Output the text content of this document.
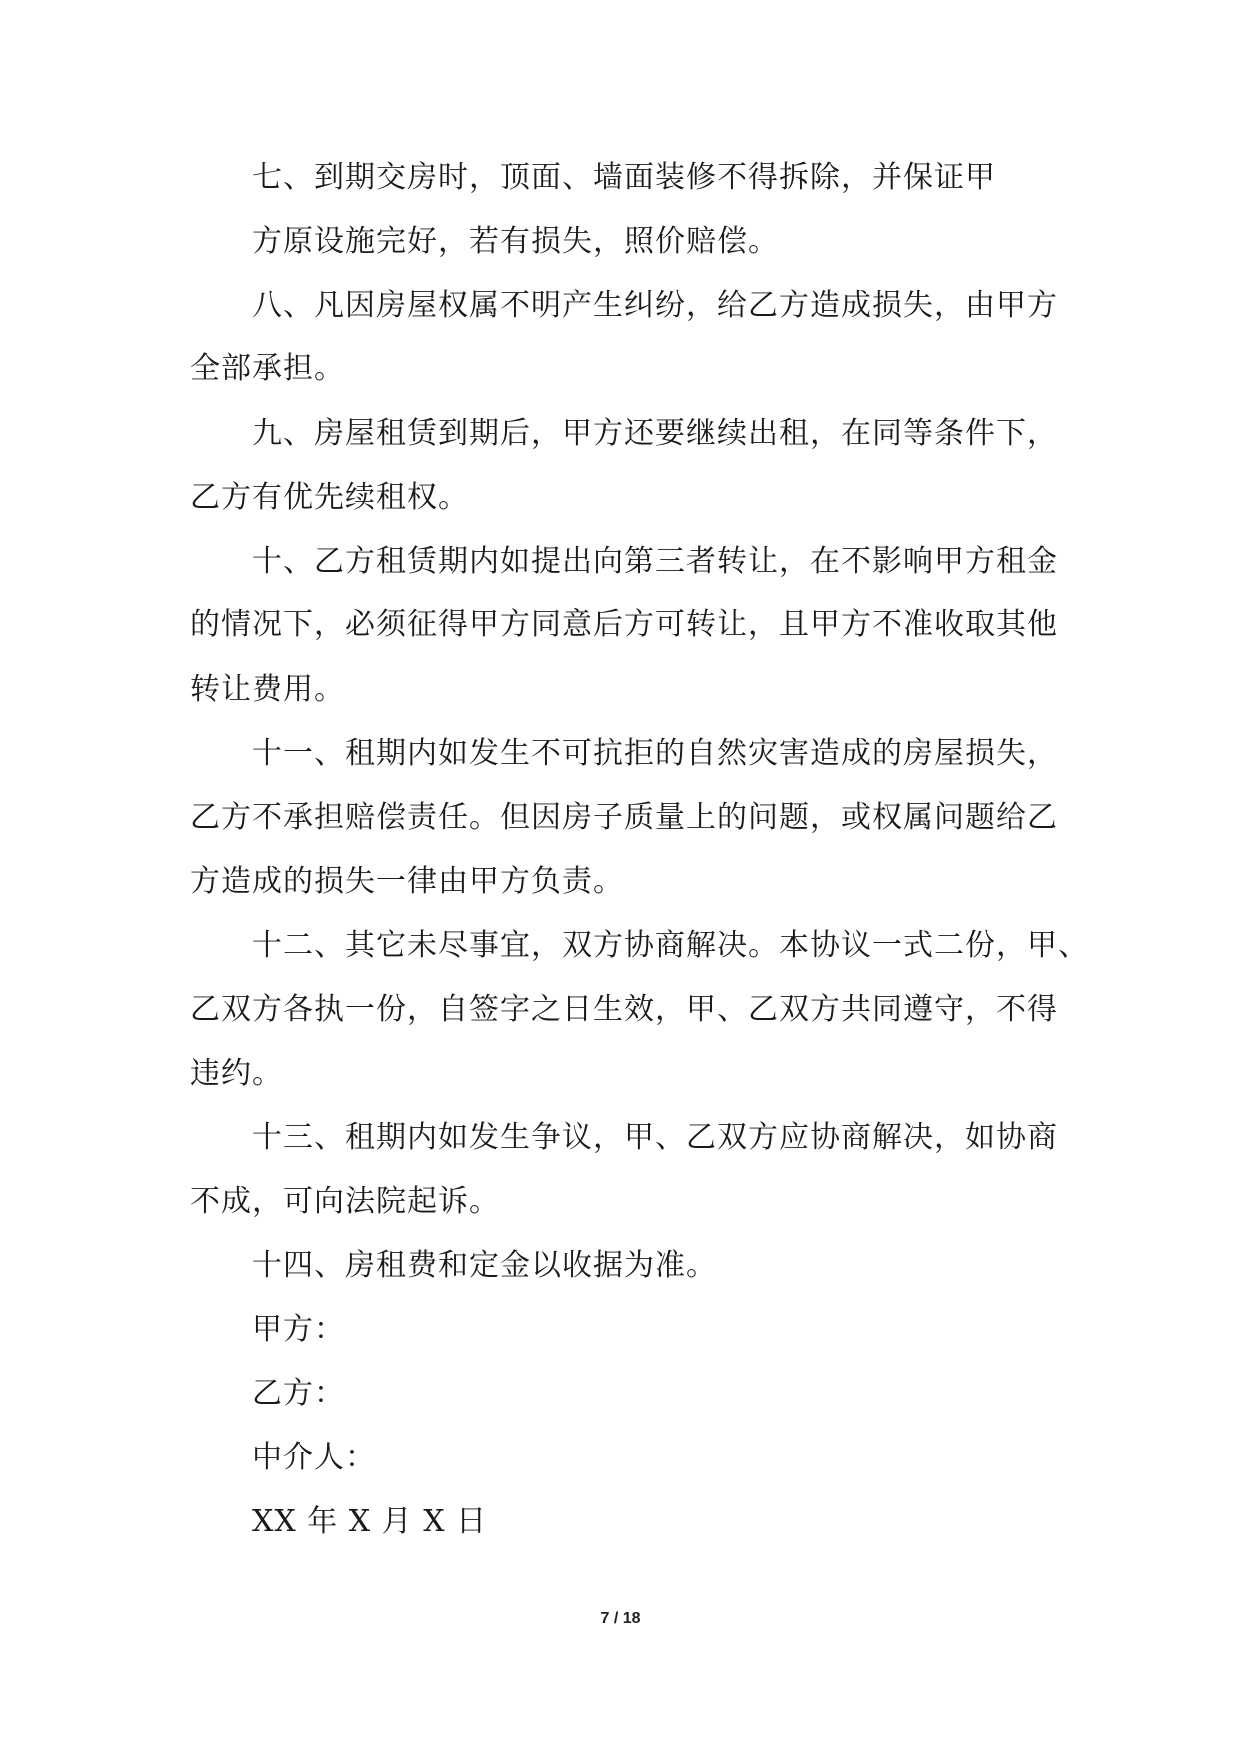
七、到期交房时，顶面、墙面装修不得拆除，并保证甲
方原设施完好，若有损失，照价赔偿。
八、凡因房屋权属不明产生纠纷，给乙方造成损失，由甲方
全部承担。
九、房屋租赁到期后，甲方还要继续出租，在同等条件下，
乙方有优先续租权。
十、乙方租赁期内如提出向第三者转让，在不影响甲方租金
的情况下，必须征得甲方同意后方可转让，且甲方不准收取其他
转让费用。
十一、租期内如发生不可抗拒的自然灾害造成的房屋损失，
乙方不承担赔偿责任。但因房子质量上的问题，或权属问题给乙
方造成的损失一律由甲方负责。
十二、其它未尽事宜，双方协商解决。本协议一式二份，甲、
乙双方各执一份，自签字之日生效，甲、乙双方共同遵守，不得
违约。
十三、租期内如发生争议，甲、乙双方应协商解决，如协商
不成，可向法院起诉。
十四、房租费和定金以收据为准。
甲方：
乙方：
中介人：
XX 年 X 月 X 日
7 / 18
